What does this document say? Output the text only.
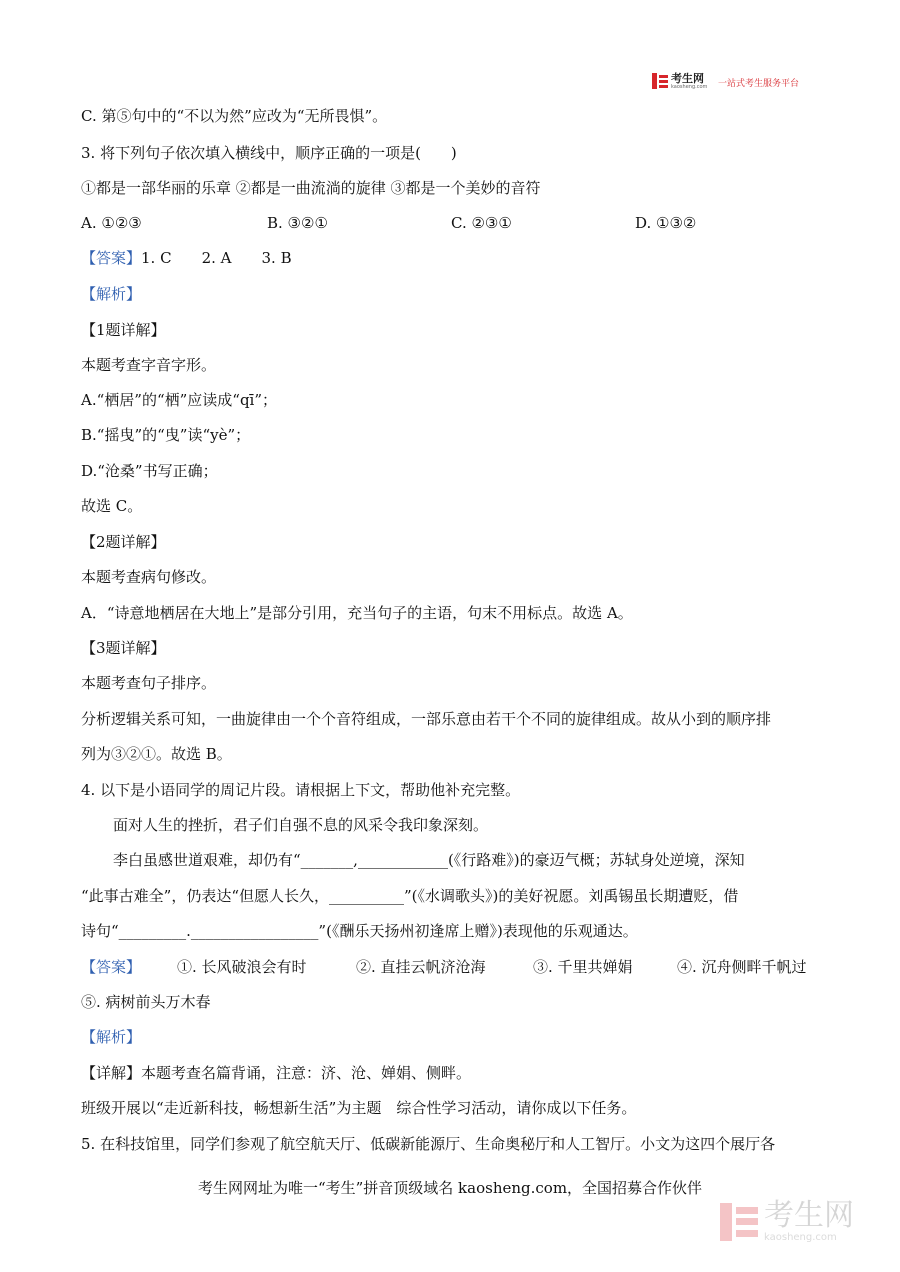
考生网
kaosheng.com 一站式考生服务平台
C. 第⑤句中的“不以为然”应改为“无所畏惧”。
3. 将下列句子依次填入横线中，顺序正确的一项是(　　)
①都是一部华丽的乐章 ②都是一曲流淌的旋律 ③都是一个美妙的音符
A. ①②③	B. ③②①	C. ②③①	D. ①③②
【答案】1. C　　2. A　　3. B
【解析】
【1题详解】
本题考查字音字形。
A.“栖居”的“栖”应读成“qī”；
B.“摇曳”的“曳”读“yè”；
D.“沧桑”书写正确；
故选 C。
【2题详解】
本题考查病句修改。
A．“诗意地栖居在大地上”是部分引用，充当句子的主语，句末不用标点。故选 A。
【3题详解】
本题考查句子排序。
分析逻辑关系可知，一曲旋律由一个个音符组成，一部乐意由若干个不同的旋律组成。故从小到的顺序排
列为③②①。故选 B。
4. 以下是小语同学的周记片段。请根据上下文，帮助他补充完整。
面对人生的挫折，君子们自强不息的风采令我印象深刻。
李白虽感世道艰难，却仍有“_______,____________(《行路难》)的豪迈气概；苏轼身处逆境，深知
“此事古难全”，仍表达“但愿人长久，__________”(《水调歌头》)的美好祝愿。刘禹锡虽长期遭贬，借
诗句“_________._________________”(《酬乐天扬州初逢席上赠》)表现他的乐观通达。
【答案】 ①. 长风破浪会有时	②. 直挂云帆济沧海	③. 千里共婵娟	④. 沉舟侧畔千帆过
⑤. 病树前头万木春
【解析】
【详解】本题考查名篇背诵，注意：济、沧、婵娟、侧畔。
班级开展以“走近新科技，畅想新生活”为主题　综合性学习活动，请你成以下任务。
5. 在科技馆里，同学们参观了航空航天厅、低碳新能源厅、生命奥秘厅和人工智厅。小文为这四个展厅各
考生网网址为唯一“考生”拼音顶级域名 kaosheng.com，全国招募合作伙伴
考生网
kaosheng.com
